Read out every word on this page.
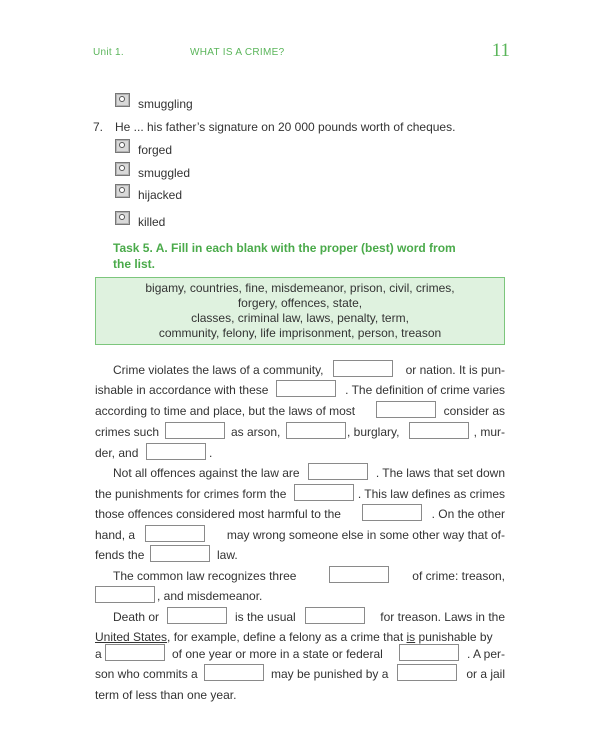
Unit 1.	WHAT IS A CRIME?	11
smuggling
7. He ... his father’s signature on 20 000 pounds worth of cheques.
forged
smuggled
hijacked
killed
Task 5. A. Fill in each blank with the proper (best) word from
the list.
bigamy, countries, fine, misdemeanor, prison, civil, crimes,
forgery, offences, state,
classes, criminal law, laws, penalty, term,
community, felony, life imprisonment, person, treason
Crime violates the laws of a community,	or nation. It is pun-
ishable in accordance with these	. The definition of crime varies
according to time and place, but the laws of most	consider as
crimes such	as arson,	, burglary,	, mur-
der, and	.
Not all offences against the law are	. The laws that set down
the punishments for crimes form the	. This law defines as crimes
those offences considered most harmful to the	. On the other
hand, a	may wrong someone else in some other way that of-
fends the	law.
The common law recognizes three	of crime: treason,
, and misdemeanor.
Death or	is the usual	for treason. Laws in the
United States, for example, define a felony as a crime that is punishable by
a	of one year or more in a state or federal	. A per-
son who commits a	may be punished by a	or a jail
term of less than one year.
